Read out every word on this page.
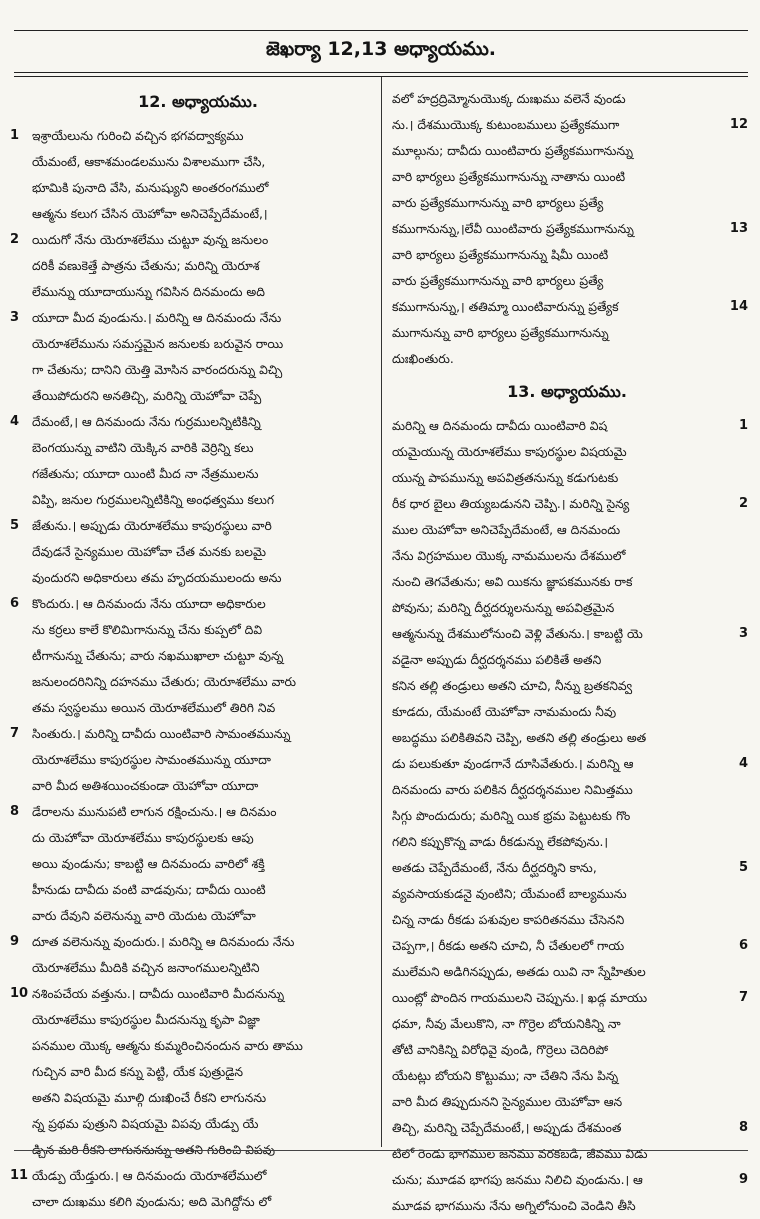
జెఖర్యా 12,13 అధ్యాయము.
12. అధ్యాయము.
1 ఇశ్రాయేలును గురించి వచ్చిన భగవద్వాక్యము
యేమంటే, ఆకాశమండలమును విశాలముగా చేసి,
భూమికి పునాది వేసి, మనుష్యుని అంతరంగములో
ఆత్మను కలుగ చేసిన యెహోవా అనిచెప్పేదేమంటే,।
2 యిదుగో నేను యెరూశలేము చుట్టూ వున్న జనులం
దరికీ వణుకెత్తే పాత్రను చేతును; మరిన్ని యెరూశ
లేమున్ను యూదాయున్ను గవిసిన దినమందు అది
3 యూదా మీద వుండును.। మరిన్ని ఆ దినమందు నేను
యెరూశలేమును సమస్తమైన జనులకు బరువైన రాయి
గా చేతును; దానిని యెత్తి మోసిన వారందరున్ను విచ్చి
తేయిపోదురని అనతిచ్చి, మరిన్ని యెహోవా చెప్పే
4 దేమంటే,। ఆ దినమందు నేను గుర్రములన్నిటికిన్ని
బెంగయున్ను వాటిని యెక్కిన వారికి వెర్రిన్ని కలు
గజేతును; యూదా యింటి మీద నా నేత్రములను
విప్పి, జనుల గుర్రములన్నిటికిన్ని అంధత్వము కలుగ
5 జేతును.। అప్పుడు యెరూశలేము కాపురస్థులు వారి
దేవుడనే సైన్యముల యెహోవా చేత మనకు బలమై
వుందురని అధికారులు తమ హృదయములందు అను
6 కొందురు.। ఆ దినమందు నేను యూదా అధికారుల
ను కర్రలు కాలే కొలిమిగానున్ను చేను కుప్పలో దివి
టీగానున్ను చేతును; వారు నఖముఖాలా చుట్టూ వున్న
జనులందరినిన్ని దహనము చేతురు; యెరూశలేము వారు
తమ స్వస్థలము అయిన యెరూశలేములో తిరిగి నివ
7 సింతురు.। మరిన్ని దావీదు యింటివారి సామంతమున్ను
యెరూశలేము కాపురస్థుల సామంతమున్ను యూదా
వారి మీద అతిశయించకుండా యెహోవా యూదా
8 డేరాలను మునుపటి లాగున రక్షించును.। ఆ దినమం
దు యెహోవా యెరూశలేము కాపురస్థులకు ఆపు
అయి వుండును; కాబట్టి ఆ దినమందు వారిలో శక్తి
హీనుడు దావీదు వంటి వాడవును; దావీదు యింటి
వారు దేవుని వలెనున్ను వారి యెదుట యెహోవా
9 దూత వలెనున్ను వుందురు.। మరిన్ని ఆ దినమందు నేను
యెరూశలేము మీదికి వచ్చిన జనాంగములన్నిటిని
10 నశింపచేయ వత్తును.। దావీదు యింటివారి మీదనున్ను
యెరూశలేము కాపురస్థుల మీదనున్ను కృపా విజ్ఞా
పనముల యొక్క ఆత్మను కుమ్మరించినందున వారు తాము
గుచ్చిన వారి మీద కన్ను పెట్టి, యేక పుత్రుడైన
అతని విషయమై మూల్గి దుఃఖించే రీకని లాగునను
న్న ప్రథమ పుత్రుని విషయమై విపవు యేడ్పు యే
డ్చిన మరి రీకని లాగుననున్ను అతని గురించి విపవు
11 యేడ్పు యేడ్తురు.। ఆ దినమందు యెరూశలేములో
చాలా దుఃఖము కలిగి వుండును; అది మెగిద్దోను లో
వలో హద్రద్రిమ్మోనుయొక్క దుఃఖము వలెనే వుండు
12
ను.। దేశముయొక్క కుటుంబములు ప్రత్యేకముగా
మూల్గును; దావీదు యింటివారు ప్రత్యేకముగానున్ను
వారి భార్యలు ప్రత్యేకముగానున్ను నాతాను యింటి
వారు ప్రత్యేకముగానున్ను వారి భార్యలు ప్రత్యే
13
కముగానున్ను,।లేవీ యింటివారు ప్రత్యేకముగానున్ను
వారి భార్యలు ప్రత్యేకముగానున్ను షిమీ యింటి
వారు ప్రత్యేకముగానున్ను వారి భార్యలు ప్రత్యే
14
కముగానున్ను,। తతిమ్మా యింటివారున్ను ప్రత్యేక
ముగానున్ను వారి భార్యలు ప్రత్యేకముగానున్ను
దుఃఖింతురు.
13. అధ్యాయము.
1
మరిన్ని ఆ దినమందు దావీదు యింటివారి విష
యమైయున్న యెరూశలేము కాపురస్థుల విషయమై
యున్న పాపమున్ను అపవిత్రతనున్ను కడుగుటకు
2
రీక ధార బైలు తియ్యబడునని చెప్పి.। మరిన్ని సైన్య
ముల యెహోవా అనిచెప్పేదేమంటే, ఆ దినమందు
నేను విగ్రహముల యొక్క నామములను దేశములో
నుంచి తెగవేతును; అవి యికను జ్ఞాపకమునకు రాక
పోవును; మరిన్ని దీర్ఘదర్శులనున్ను అపవిత్రమైన
3
ఆత్మనున్ను దేశములోనుంచి వెళ్లి వేతును.। కాబట్టి యె
వడైనా అప్పుడు దీర్ఘదర్శనము పలికితే అతని
కనిన తల్లి తండ్రులు అతని చూచి, నీన్ను బ్రతకనివ్వ
కూడదు, యేమంటే యెహోవా నామమందు నీవు
అబద్ధము పలికితివని చెప్పి, అతని తల్లి తండ్రులు అత
4
డు పలుకుతూ వుండగానే దూసివేతురు.। మరిన్ని ఆ
దినమందు వారు పలికిన దీర్ఘదర్శనముల నిమిత్తము
సిగ్గు పొందుదురు; మరిన్ని యిక భ్రమ పెట్టుటకు గొం
గలిని కప్పుకొన్న వాడు రీకడున్ను లేకపోవును.।
5
అతడు చెప్పేదేమంటే, నేను దీర్ఘదర్శిని కాను,
వ్యవసాయకుడనై వుంటిని; యేమంటే బాల్యమును
చిన్న నాడు రీకడు పశువుల కాపరితనము చేసెనని
6
చెప్పగా,। రీకడు అతని చూచి, నీ చేతులలో గాయ
ములేమని అడిగినప్పుడు, అతడు యివి నా స్నేహితుల
7
యింట్లో పొందిన గాయములని చెప్పును.। ఖడ్గ మాయు
ధమా, నీవు మేలుకొని, నా గొర్రెల బోయనికిన్ని నా
తోటి వానికిన్ని విరోధివై వుండి, గొర్రెలు చెదిరిపో
యేటట్లు బోయని కొట్టుము; నా చేతిని నేను పిన్న
వారి మీద తిప్పుదునని సైన్యముల యెహోవా ఆన
8
తిచ్చి, మరిన్ని చెప్పేదేమంటే,। అప్పుడు దేశమంత
టిలో రెండు భాగముల జనము వరకబడి, జీవము విడు
9
చును; మూడవ భాగపు జనము నిలిచి వుండును.। ఆ
మూడవ భాగమును నేను అగ్నిలోనుంచి వెండిని తీసి
